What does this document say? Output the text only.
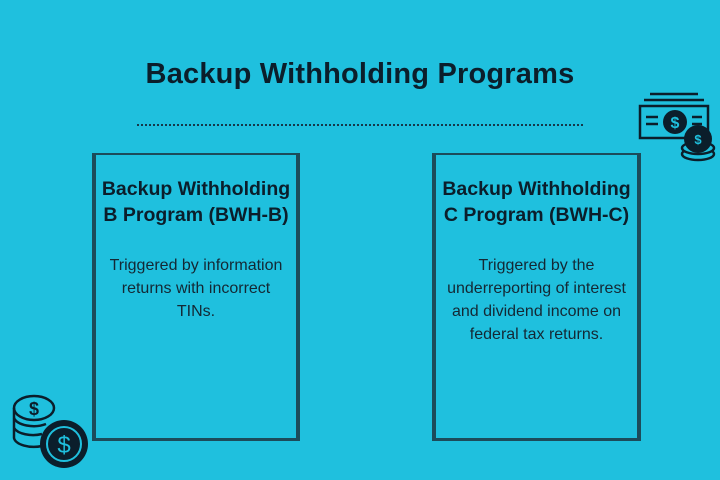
Backup Withholding Programs
Backup Withholding B Program (BWH-B)
Triggered by information returns with incorrect TINs.
Backup Withholding C Program (BWH-C)
Triggered by the underreporting of interest and dividend income on federal tax returns.
$
$
$
$
